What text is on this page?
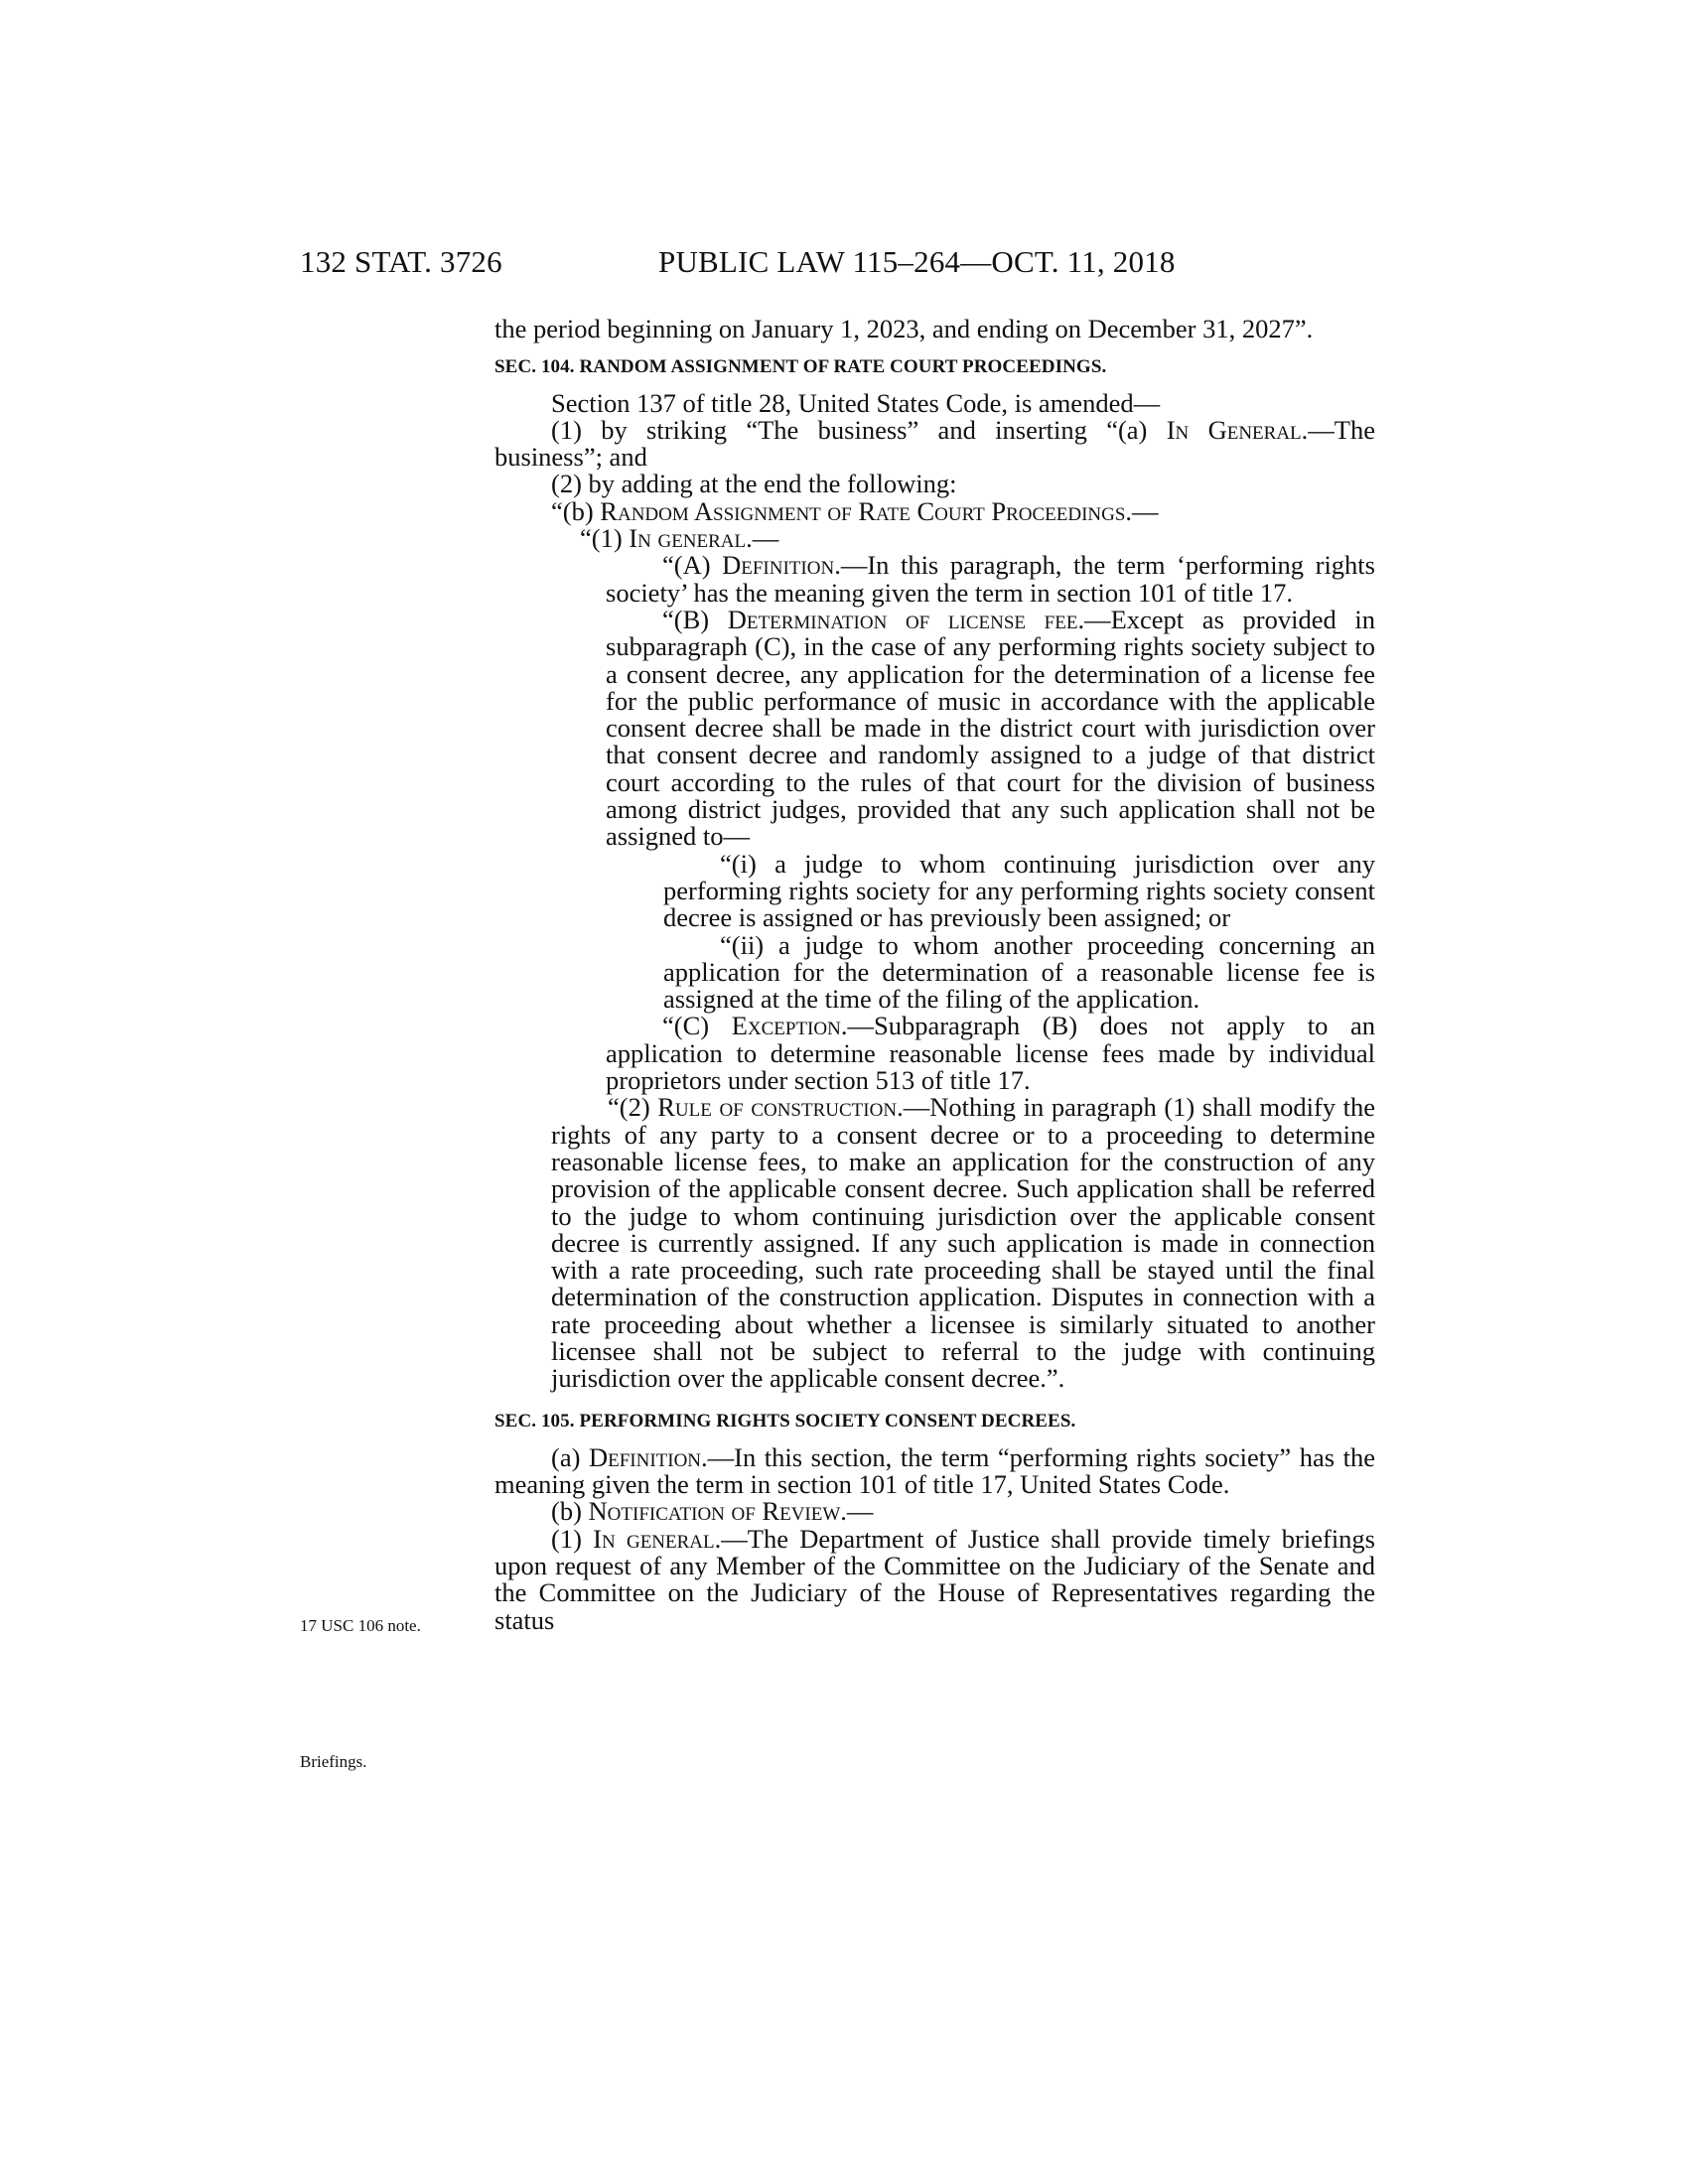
132 STAT. 3726	PUBLIC LAW 115–264—OCT. 11, 2018
17 USC 106 note.
Briefings.

the period beginning on January 1, 2023, and ending on December 31, 2027”.

SEC. 104. RANDOM ASSIGNMENT OF RATE COURT PROCEEDINGS.

Section 137 of title 28, United States Code, is amended—

(1) by striking “The business” and inserting “(a) In General.—The business”; and

(2) by adding at the end the following:

“(b) Random Assignment of Rate Court Proceedings.—

“(1) In general.—

“(A) Definition.—In this paragraph, the term ‘performing rights society’ has the meaning given the term in section 101 of title 17.

“(B) Determination of license fee.—Except as provided in subparagraph (C), in the case of any performing rights society subject to a consent decree, any application for the determination of a license fee for the public performance of music in accordance with the applicable consent decree shall be made in the district court with jurisdiction over that consent decree and randomly assigned to a judge of that district court according to the rules of that court for the division of business among district judges, provided that any such application shall not be assigned to—

“(i) a judge to whom continuing jurisdiction over any performing rights society for any performing rights society consent decree is assigned or has previously been assigned; or

“(ii) a judge to whom another proceeding concerning an application for the determination of a reasonable license fee is assigned at the time of the filing of the application.

“(C) Exception.—Subparagraph (B) does not apply to an application to determine reasonable license fees made by individual proprietors under section 513 of title 17.

“(2) Rule of construction.—Nothing in paragraph (1) shall modify the rights of any party to a consent decree or to a proceeding to determine reasonable license fees, to make an application for the construction of any provision of the applicable consent decree. Such application shall be referred to the judge to whom continuing jurisdiction over the applicable consent decree is currently assigned. If any such application is made in connection with a rate proceeding, such rate proceeding shall be stayed until the final determination of the construction application. Disputes in connection with a rate proceeding about whether a licensee is similarly situated to another licensee shall not be subject to referral to the judge with continuing jurisdiction over the applicable consent decree.”.

SEC. 105. PERFORMING RIGHTS SOCIETY CONSENT DECREES.

(a) Definition.—In this section, the term “performing rights society” has the meaning given the term in section 101 of title 17, United States Code.

(b) Notification of Review.—

(1) In general.—The Department of Justice shall provide timely briefings upon request of any Member of the Committee on the Judiciary of the Senate and the Committee on the Judiciary of the House of Representatives regarding the status
